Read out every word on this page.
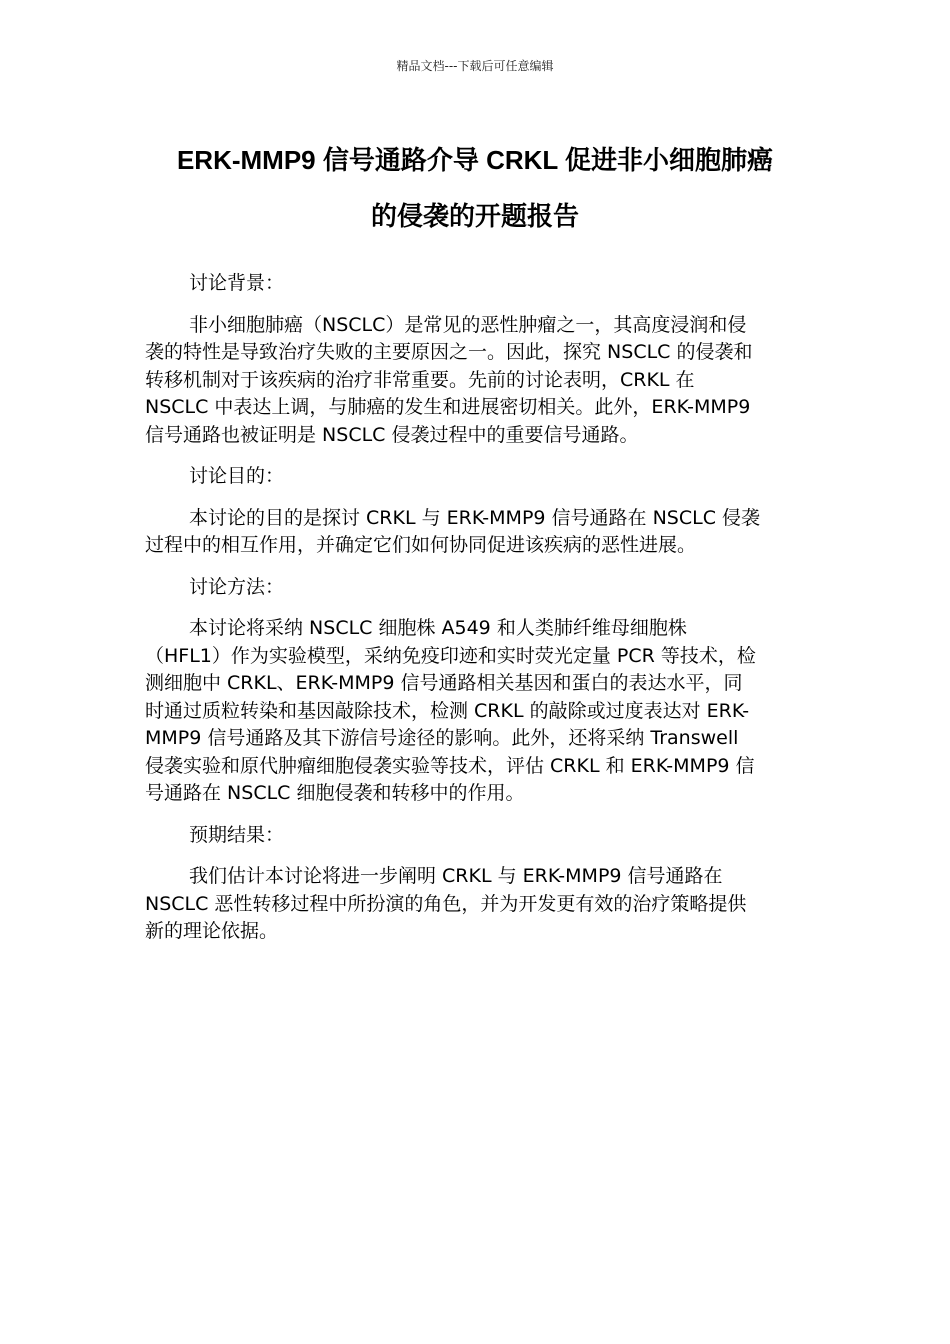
精品文档---下载后可任意编辑
ERK-MMP9 信号通路介导 CRKL 促进非小细胞肺癌
的侵袭的开题报告

讨论背景：

非小细胞肺癌（NSCLC）是常见的恶性肿瘤之一，其高度浸润和侵
袭的特性是导致治疗失败的主要原因之一。因此，探究 NSCLC 的侵袭和
转移机制对于该疾病的治疗非常重要。先前的讨论表明，CRKL 在
NSCLC 中表达上调，与肺癌的发生和进展密切相关。此外，ERK-MMP9
信号通路也被证明是 NSCLC 侵袭过程中的重要信号通路。

讨论目的：

本讨论的目的是探讨 CRKL 与 ERK-MMP9 信号通路在 NSCLC 侵袭
过程中的相互作用，并确定它们如何协同促进该疾病的恶性进展。

讨论方法：

本讨论将采纳 NSCLC 细胞株 A549 和人类肺纤维母细胞株
（HFL1）作为实验模型，采纳免疫印迹和实时荧光定量 PCR 等技术，检
测细胞中 CRKL、ERK-MMP9 信号通路相关基因和蛋白的表达水平，同
时通过质粒转染和基因敲除技术，检测 CRKL 的敲除或过度表达对 ERK-
MMP9 信号通路及其下游信号途径的影响。此外，还将采纳 Transwell
侵袭实验和原代肿瘤细胞侵袭实验等技术，评估 CRKL 和 ERK-MMP9 信
号通路在 NSCLC 细胞侵袭和转移中的作用。

预期结果：

我们估计本讨论将进一步阐明 CRKL 与 ERK-MMP9 信号通路在
NSCLC 恶性转移过程中所扮演的角色，并为开发更有效的治疗策略提供
新的理论依据。
